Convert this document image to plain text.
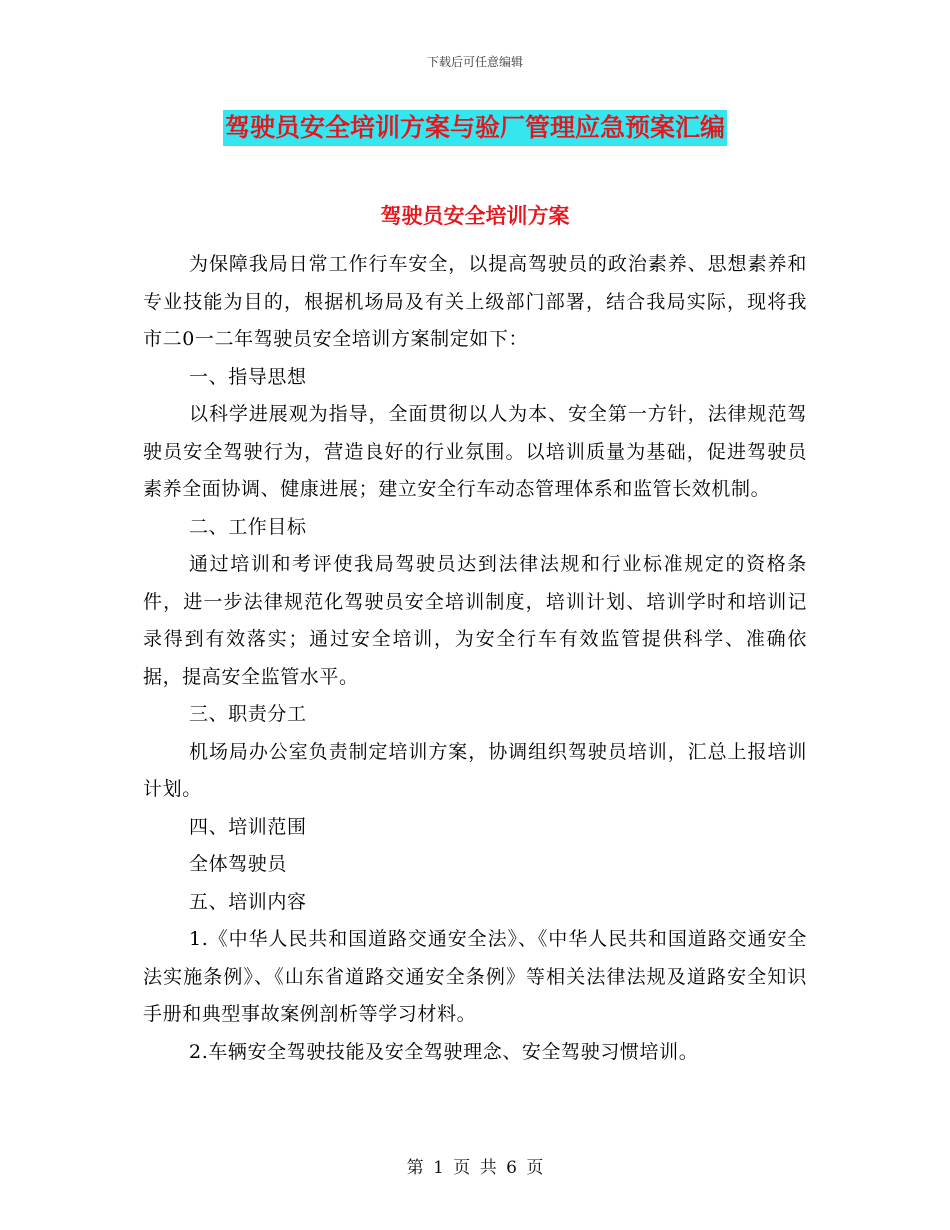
下载后可任意编辑
驾驶员安全培训方案与验厂管理应急预案汇编
驾驶员安全培训方案

为保障我局日常工作行车安全，以提高驾驶员的政治素养、思想素养和专业技能为目的，根据机场局及有关上级部门部署，结合我局实际，现将我市二0一二年驾驶员安全培训方案制定如下：

一、指导思想

以科学进展观为指导，全面贯彻以人为本、安全第一方针，法律规范驾驶员安全驾驶行为，营造良好的行业氛围。以培训质量为基础，促进驾驶员素养全面协调、健康进展；建立安全行车动态管理体系和监管长效机制。

二、工作目标

通过培训和考评使我局驾驶员达到法律法规和行业标准规定的资格条件，进一步法律规范化驾驶员安全培训制度，培训计划、培训学时和培训记录得到有效落实；通过安全培训，为安全行车有效监管提供科学、准确依据，提高安全监管水平。

三、职责分工

机场局办公室负责制定培训方案，协调组织驾驶员培训，汇总上报培训计划。

四、培训范围

全体驾驶员

五、培训内容

1.《中华人民共和国道路交通安全法》、《中华人民共和国道路交通安全法实施条例》、《山东省道路交通安全条例》等相关法律法规及道路安全知识手册和典型事故案例剖析等学习材料。

2.车辆安全驾驶技能及安全驾驶理念、安全驾驶习惯培训。

第 1 页 共 6 页
